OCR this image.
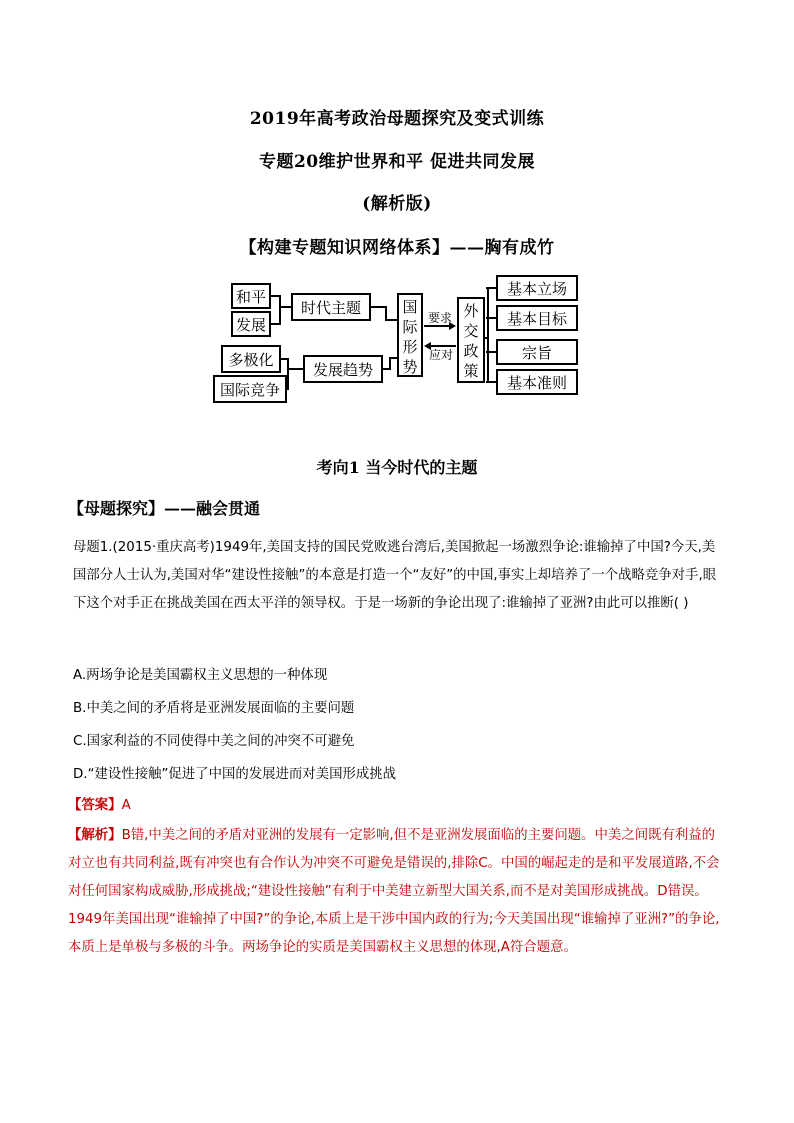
2019年高考政治母题探究及变式训练
专题20维护世界和平 促进共同发展
(解析版)
【构建专题知识网络体系】——胸有成竹
和平
发展
时代主题
多极化
国际竞争
发展趋势
要求
应对
基本立场
基本目标
宗旨
基本准则
国
际
形
势
外
交
政
策
考向1 当今时代的主题
【母题探究】——融会贯通
母题1.(2015·重庆高考)1949年,美国支持的国民党败逃台湾后,美国掀起一场激烈争论:谁输掉了中国?今天,美国部分人士认为,美国对华“建设性接触”的本意是打造一个“友好”的中国,事实上却培养了一个战略竞争对手,眼下这个对手正在挑战美国在西太平洋的领导权。于是一场新的争论出现了:谁输掉了亚洲?由此可以推断( )
A.两场争论是美国霸权主义思想的一种体现
B.中美之间的矛盾将是亚洲发展面临的主要问题
C.国家利益的不同使得中美之间的冲突不可避免
D.“建设性接触”促进了中国的发展进而对美国形成挑战
【答案】A
【解析】B错,中美之间的矛盾对亚洲的发展有一定影响,但不是亚洲发展面临的主要问题。中美之间既有利益的对立也有共同利益,既有冲突也有合作认为冲突不可避免是错误的,排除C。中国的崛起走的是和平发展道路,不会对任何国家构成威胁,形成挑战;“建设性接触”有利于中美建立新型大国关系,而不是对美国形成挑战。D错误。1949年美国出现“谁输掉了中国?”的争论,本质上是干涉中国内政的行为;今天美国出现“谁输掉了亚洲?”的争论,本质上是单极与多极的斗争。两场争论的实质是美国霸权主义思想的体现,A符合题意。
